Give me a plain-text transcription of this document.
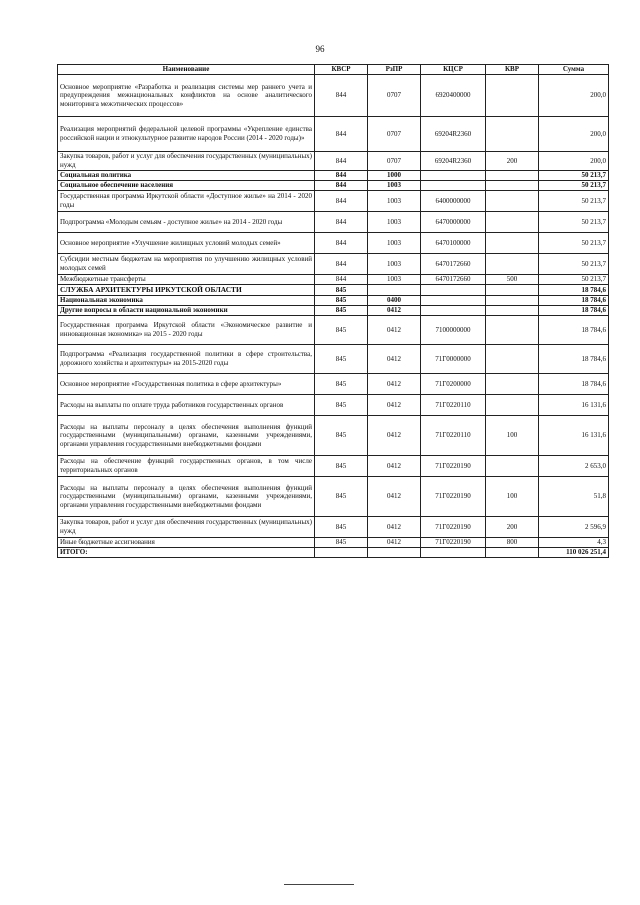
96
Наименование	КВСР	РзПР	КЦСР	КВР	Сумма
Основное мероприятие «Разработка и реализация системы мер раннего учета и предупреждения межнациональных конфликтов на основе аналитического мониторинга межэтнических процессов»	844	0707	6920400000		200,0
Реализация мероприятий федеральной целевой программы «Укрепление единства российской нации и этнокультурное развитие народов России (2014 - 2020 годы)»	844	0707	69204R2360		200,0
Закупка товаров, работ и услуг для обеспечения государственных (муниципальных) нужд	844	0707	69204R2360	200	200,0
Социальная политика	844	1000			50 213,7
Социальное обеспечение населения	844	1003			50 213,7
Государственная программа Иркутской области «Доступное жилье» на 2014 - 2020 годы	844	1003	6400000000		50 213,7
Подпрограмма «Молодым семьям - доступное жилье» на 2014 - 2020 годы	844	1003	6470000000		50 213,7
Основное мероприятие «Улучшение жилищных условий молодых семей»	844	1003	6470100000		50 213,7
Субсидии местным бюджетам на мероприятия по улучшению жилищных условий молодых семей	844	1003	6470172660		50 213,7
Межбюджетные трансферты	844	1003	6470172660	500	50 213,7
СЛУЖБА АРХИТЕКТУРЫ ИРКУТСКОЙ ОБЛАСТИ	845				18 784,6
Национальная экономика	845	0400			18 784,6
Другие вопросы в области национальной экономики	845	0412			18 784,6
Государственная программа Иркутской области «Экономическое развитие и инновационная экономика» на 2015 - 2020 годы	845	0412	7100000000		18 784,6
Подпрограмма «Реализация государственной политики в сфере строительства, дорожного хозяйства и архитектуры» на 2015-2020 годы	845	0412	71Г0000000		18 784,6
Основное мероприятие «Государственная политика в сфере архитектуры»	845	0412	71Г0200000		18 784,6
Расходы на выплаты по оплате труда работников государственных органов	845	0412	71Г0220110		16 131,6
Расходы на выплаты персоналу в целях обеспечения выполнения функций государственными (муниципальными) органами, казенными учреждениями, органами управления государственными внебюджетными фондами	845	0412	71Г0220110	100	16 131,6
Расходы на обеспечение функций государственных органов, в том числе территориальных органов	845	0412	71Г0220190		2 653,0
Расходы на выплаты персоналу в целях обеспечения выполнения функций государственными (муниципальными) органами, казенными учреждениями, органами управления государственными внебюджетными фондами	845	0412	71Г0220190	100	51,8
Закупка товаров, работ и услуг для обеспечения государственных (муниципальных) нужд	845	0412	71Г0220190	200	2 596,9
Иные бюджетные ассигнования	845	0412	71Г0220190	800	4,3
ИТОГО:					110 026 251,4
